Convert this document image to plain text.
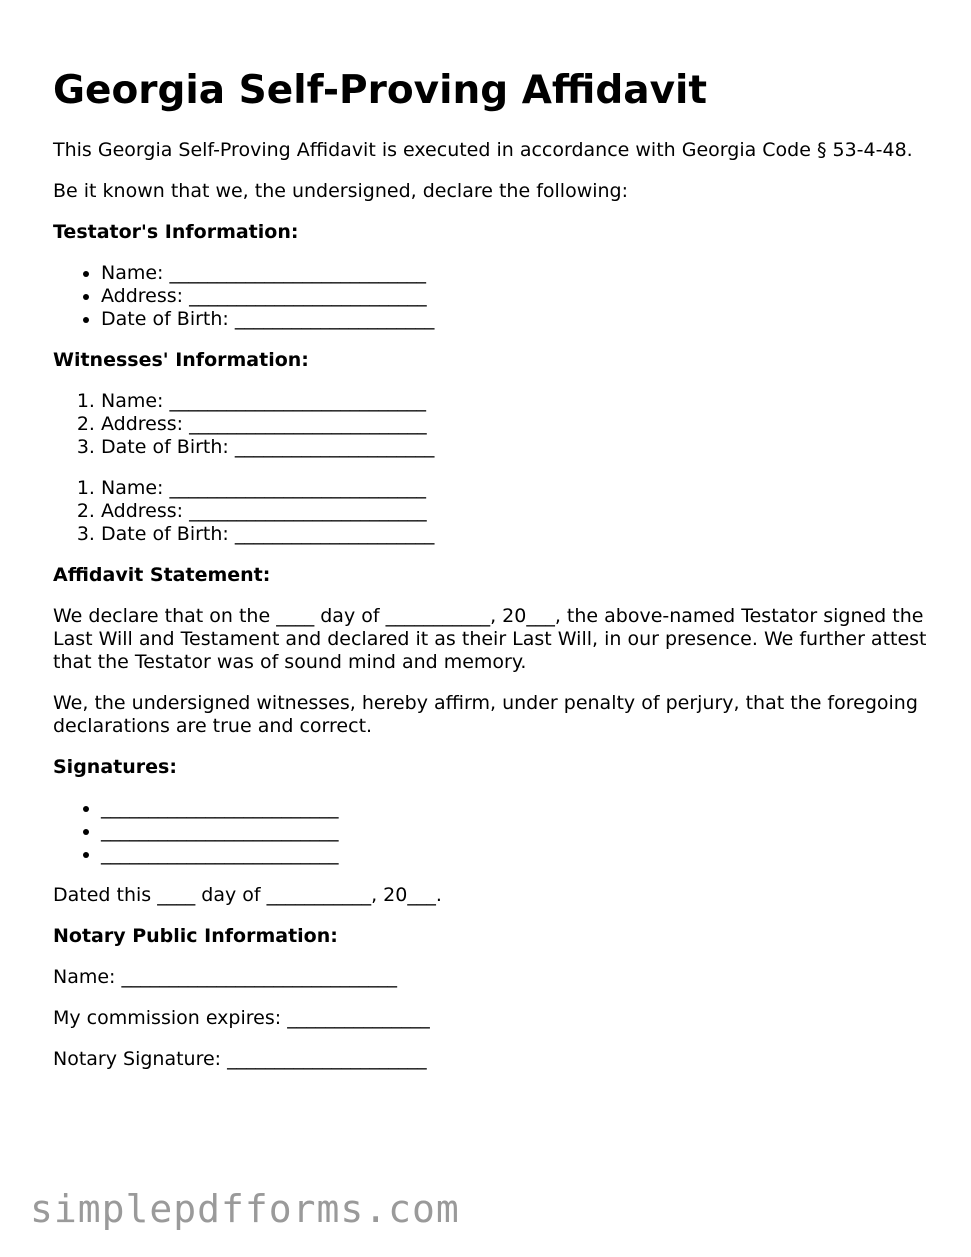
Georgia Self-Proving Affidavit

This Georgia Self-Proving Affidavit is executed in accordance with Georgia Code § 53-4-48.

Be it known that we, the undersigned, declare the following:

Testator's Information:
• Name: ___________________________
• Address: _________________________
• Date of Birth: _____________________
Witnesses' Information:
1. Name: ___________________________
2. Address: _________________________
3. Date of Birth: _____________________
1. Name: ___________________________
2. Address: _________________________
3. Date of Birth: _____________________
Affidavit Statement:

We declare that on the ____ day of ___________, 20___, the above-named Testator signed the Last Will and Testament and declared it as their Last Will, in our presence. We further attest that the Testator was of sound mind and memory.

We, the undersigned witnesses, hereby affirm, under penalty of perjury, that the foregoing declarations are true and correct.

Signatures:
• _________________________
• _________________________
• _________________________

Dated this ____ day of ___________, 20___.

Notary Public Information:

Name: _____________________________

My commission expires: _______________

Notary Signature: _____________________

simplepdfforms.com
